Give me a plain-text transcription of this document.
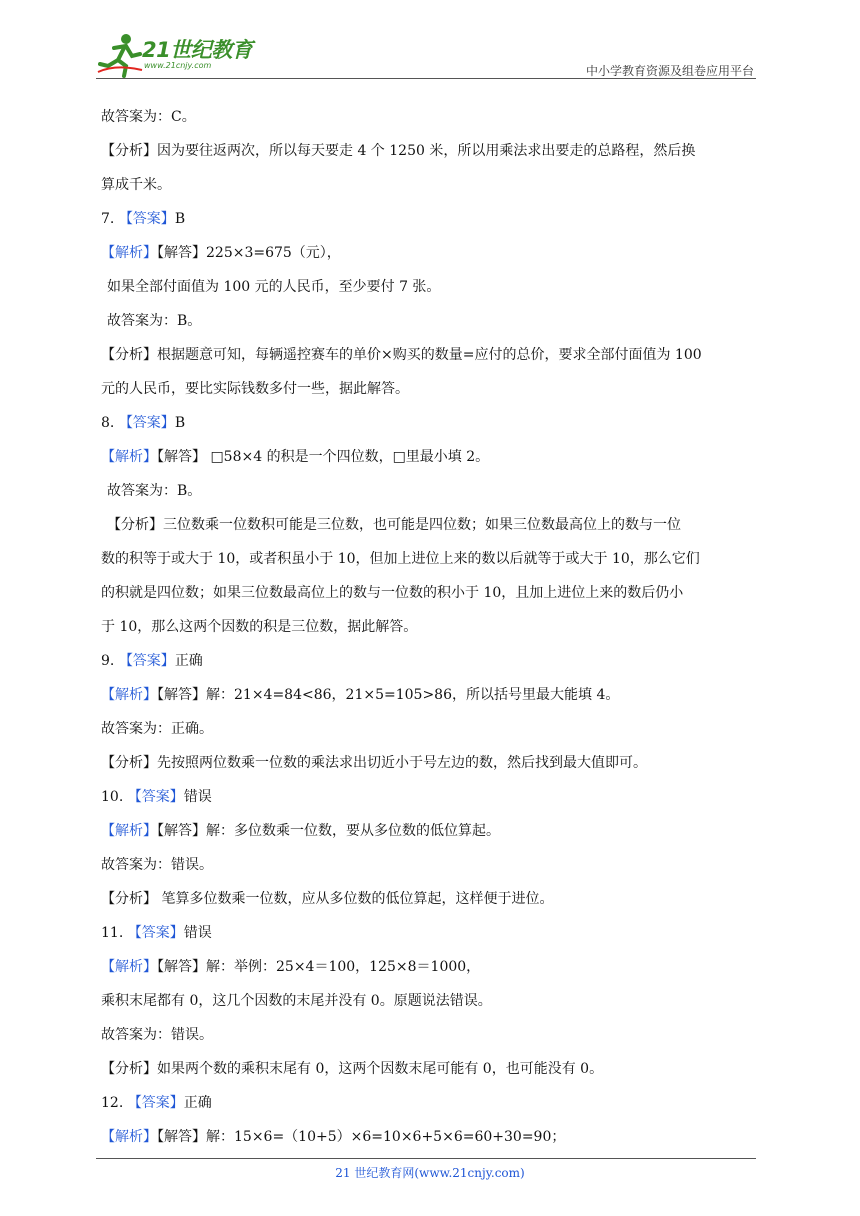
21世纪教育
www.21cnjy.com	中小学教育资源及组卷应用平台
故答案为：C。
【分析】因为要往返两次，所以每天要走 4 个 1250 米，所以用乘法求出要走的总路程，然后换
算成千米。
7. 【答案】B
【解析】【解答】225×3=675（元），
如果全部付面值为 100 元的人民币，至少要付 7 张。
故答案为：B。
【分析】根据题意可知，每辆遥控赛车的单价×购买的数量=应付的总价，要求全部付面值为 100
元的人民币，要比实际钱数多付一些，据此解答。
8. 【答案】B
【解析】【解答】 □58×4 的积是一个四位数，□里最小填 2。
故答案为：B。
【分析】三位数乘一位数积可能是三位数，也可能是四位数；如果三位数最高位上的数与一位
数的积等于或大于 10，或者积虽小于 10，但加上进位上来的数以后就等于或大于 10，那么它们
的积就是四位数；如果三位数最高位上的数与一位数的积小于 10，且加上进位上来的数后仍小
于 10，那么这两个因数的积是三位数，据此解答。
9. 【答案】正确
【解析】【解答】解：21×4=84<86，21×5=105>86，所以括号里最大能填 4。
故答案为：正确。
【分析】先按照两位数乘一位数的乘法求出切近小于号左边的数，然后找到最大值即可。
10. 【答案】错误
【解析】【解答】解：多位数乘一位数，要从多位数的低位算起。
故答案为：错误。
【分析】 笔算多位数乘一位数，应从多位数的低位算起，这样便于进位。
11. 【答案】错误
【解析】【解答】解：举例：25×4＝100，125×8＝1000，
乘积末尾都有 0，这几个因数的末尾并没有 0。原题说法错误。
故答案为：错误。
【分析】如果两个数的乘积末尾有 0，这两个因数末尾可能有 0，也可能没有 0。
12. 【答案】正确
【解析】【解答】解：15×6=（10+5）×6=10×6+5×6=60+30=90；
21 世纪教育网(www.21cnjy.com)
